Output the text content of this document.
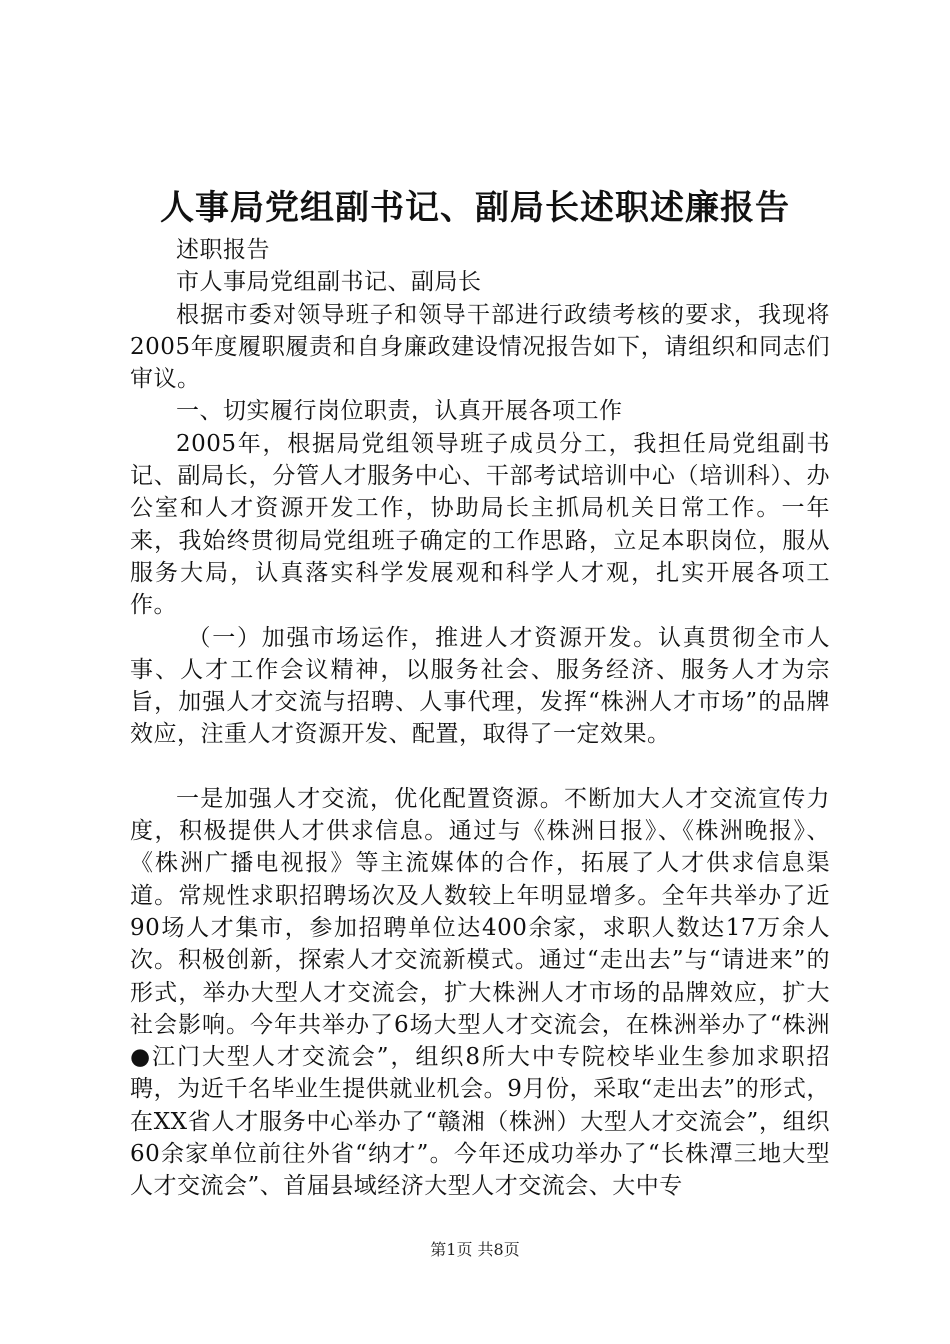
人事局党组副书记、副局长述职述廉报告

述职报告

市人事局党组副书记、副局长

根据市委对领导班子和领导干部进行政绩考核的要求，我现将2005年度履职履责和自身廉政建设情况报告如下，请组织和同志们审议。

一、切实履行岗位职责，认真开展各项工作

2005年，根据局党组领导班子成员分工，我担任局党组副书记、副局长，分管人才服务中心、干部考试培训中心（培训科）、办公室和人才资源开发工作，协助局长主抓局机关日常工作。一年来，我始终贯彻局党组班子确定的工作思路，立足本职岗位，服从服务大局，认真落实科学发展观和科学人才观，扎实开展各项工作。

（一）加强市场运作，推进人才资源开发。认真贯彻全市人事、人才工作会议精神，以服务社会、服务经济、服务人才为宗旨，加强人才交流与招聘、人事代理，发挥“株洲人才市场”的品牌效应，注重人才资源开发、配置，取得了一定效果。

一是加强人才交流，优化配置资源。不断加大人才交流宣传力度，积极提供人才供求信息。通过与《株洲日报》、《株洲晚报》、《株洲广播电视报》等主流媒体的合作，拓展了人才供求信息渠道。常规性求职招聘场次及人数较上年明显增多。全年共举办了近90场人才集市，参加招聘单位达400余家，求职人数达17万余人次。积极创新，探索人才交流新模式。通过“走出去”与“请进来”的形式，举办大型人才交流会，扩大株洲人才市场的品牌效应，扩大社会影响。今年共举办了6场大型人才交流会，在株洲举办了“株洲●江门大型人才交流会”，组织8所大中专院校毕业生参加求职招聘，为近千名毕业生提供就业机会。9月份，采取“走出去”的形式，在XX省人才服务中心举办了“赣湘（株洲）大型人才交流会”，组织60余家单位前往外省“纳才”。今年还成功举办了“长株潭三地大型人才交流会”、首届县域经济大型人才交流会、大中专

第1页 共8页
